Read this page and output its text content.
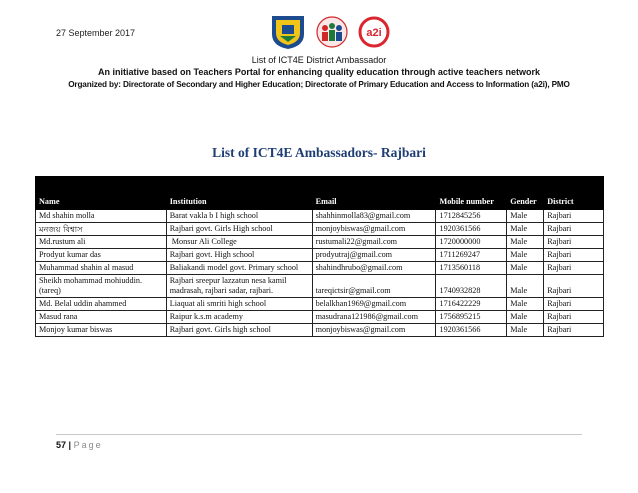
27 September 2017	a2i
List of ICT4E District Ambassador
An initiative based on Teachers Portal for enhancing quality education through active teachers network
Organized by: Directorate of Secondary and Higher Education; Directorate of Primary Education and Access to Information (a2i), PMO
List of ICT4E Ambassadors- Rajbari
Name	Institution	Email	Mobile number	Gender	District
Md shahin molla	Barat vakla b I high school	shahhinmolla83@gmail.com	1712845256	Male	Rajbari
মনজয় বিশ্বাস	Rajbari govt. Girls High school	monjoybiswas@gmail.com	1920361566	Male	Rajbari
Md.rustum ali	Monsur Ali College	rustumali22@gmail.com	1720000000	Male	Rajbari
Prodyut kumar das	Rajbari govt. High school	prodyutraj@gmail.com	1711269247	Male	Rajbari
Muhammad shahin al masud	Baliakandi model govt. Primary school	shahindhrubo@gmail.com	1713560118	Male	Rajbari
Sheikh mohammad mohiuddin. (tareq)	Rajbari sreepur lazzatun nesa kamil madrasah, rajbari sadar, rajbari.	tareqictsir@gmail.com	1740932828	Male	Rajbari
Md. Belal uddin ahammed	Liaquat ali smriti high school	belalkhan1969@gmail.com	1716422229	Male	Rajbari
Masud rana	Raipur k.s.m academy	masudrana121986@gmail.com	1756895215	Male	Rajbari
Monjoy kumar biswas	Rajbari govt. Girls high school	monjoybiswas@gmail.com	1920361566	Male	Rajbari
57 | Page
